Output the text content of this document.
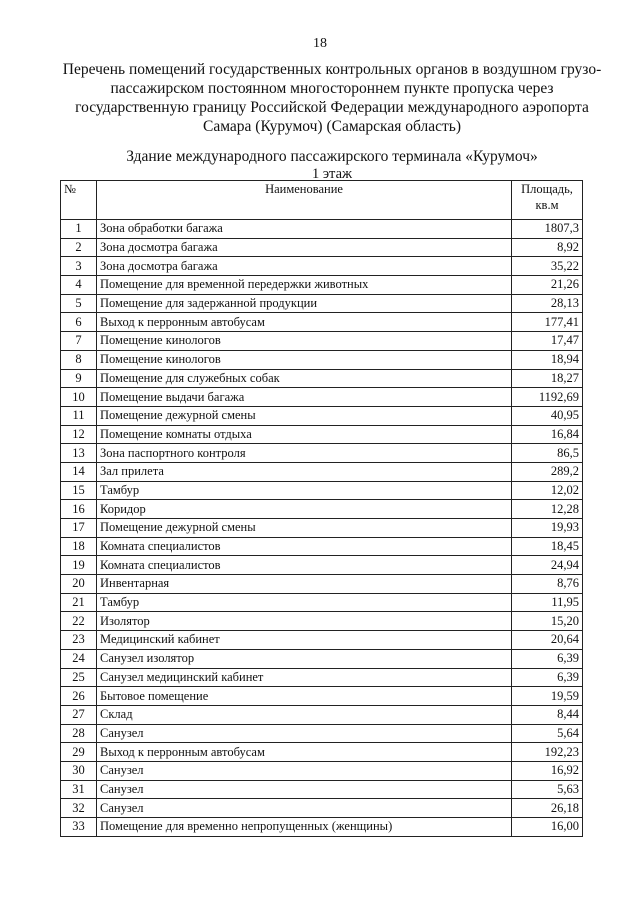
18
Перечень помещений государственных контрольных органов в воздушном грузо-пассажирском постоянном многостороннем пункте пропуска через государственную границу Российской Федерации международного аэропорта Самара (Курумоч) (Самарская область)
Здание международного пассажирского терминала «Курумоч»
1 этаж
№	Наименование	Площадь,
кв.м
1	Зона обработки багажа	1807,3
2	Зона досмотра багажа	8,92
3	Зона досмотра багажа	35,22
4	Помещение для временной передержки животных	21,26
5	Помещение для задержанной продукции	28,13
6	Выход к перронным автобусам	177,41
7	Помещение кинологов	17,47
8	Помещение кинологов	18,94
9	Помещение для служебных собак	18,27
10	Помещение выдачи багажа	1192,69
11	Помещение дежурной смены	40,95
12	Помещение комнаты отдыха	16,84
13	Зона паспортного контроля	86,5
14	Зал прилета	289,2
15	Тамбур	12,02
16	Коридор	12,28
17	Помещение дежурной смены	19,93
18	Комната специалистов	18,45
19	Комната специалистов	24,94
20	Инвентарная	8,76
21	Тамбур	11,95
22	Изолятор	15,20
23	Медицинский кабинет	20,64
24	Санузел изолятор	6,39
25	Санузел медицинский кабинет	6,39
26	Бытовое помещение	19,59
27	Склад	8,44
28	Санузел	5,64
29	Выход к перронным автобусам	192,23
30	Санузел	16,92
31	Санузел	5,63
32	Санузел	26,18
33	Помещение для временно непропущенных (женщины)	16,00
